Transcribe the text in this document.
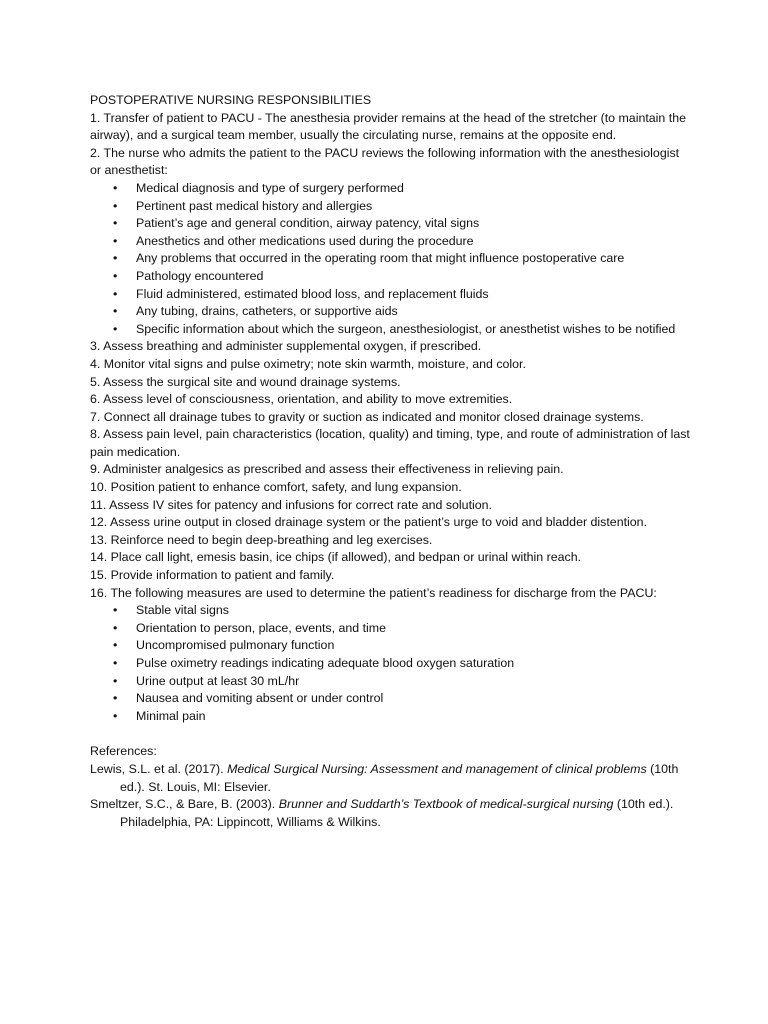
POSTOPERATIVE NURSING RESPONSIBILITIES

1. Transfer of patient to PACU - The anesthesia provider remains at the head of the stretcher (to maintain the airway), and a surgical team member, usually the circulating nurse, remains at the opposite end.

2. The nurse who admits the patient to the PACU reviews the following information with the anesthesiologist or anesthetist:

• Medical diagnosis and type of surgery performed
• Pertinent past medical history and allergies
• Patient’s age and general condition, airway patency, vital signs
• Anesthetics and other medications used during the procedure
• Any problems that occurred in the operating room that might influence postoperative care
• Pathology encountered
• Fluid administered, estimated blood loss, and replacement fluids
• Any tubing, drains, catheters, or supportive aids
• Specific information about which the surgeon, anesthesiologist, or anesthetist wishes to be notified

3. Assess breathing and administer supplemental oxygen, if prescribed.

4. Monitor vital signs and pulse oximetry; note skin warmth, moisture, and color.

5. Assess the surgical site and wound drainage systems.

6. Assess level of consciousness, orientation, and ability to move extremities.

7. Connect all drainage tubes to gravity or suction as indicated and monitor closed drainage systems.

8. Assess pain level, pain characteristics (location, quality) and timing, type, and route of administration of last pain medication.

9. Administer analgesics as prescribed and assess their effectiveness in relieving pain.

10. Position patient to enhance comfort, safety, and lung expansion.

11. Assess IV sites for patency and infusions for correct rate and solution.

12. Assess urine output in closed drainage system or the patient’s urge to void and bladder distention.

13. Reinforce need to begin deep-breathing and leg exercises.

14. Place call light, emesis basin, ice chips (if allowed), and bedpan or urinal within reach.

15. Provide information to patient and family.

16. The following measures are used to determine the patient’s readiness for discharge from the PACU:

• Stable vital signs
• Orientation to person, place, events, and time
• Uncompromised pulmonary function
• Pulse oximetry readings indicating adequate blood oxygen saturation
• Urine output at least 30 mL/hr
• Nausea and vomiting absent or under control
• Minimal pain

References:

Lewis, S.L. et al. (2017). Medical Surgical Nursing: Assessment and management of clinical problems (10th ed.). St. Louis, MI: Elsevier.

Smeltzer, S.C., & Bare, B. (2003). Brunner and Suddarth’s Textbook of medical-surgical nursing (10th ed.). Philadelphia, PA: Lippincott, Williams & Wilkins.
